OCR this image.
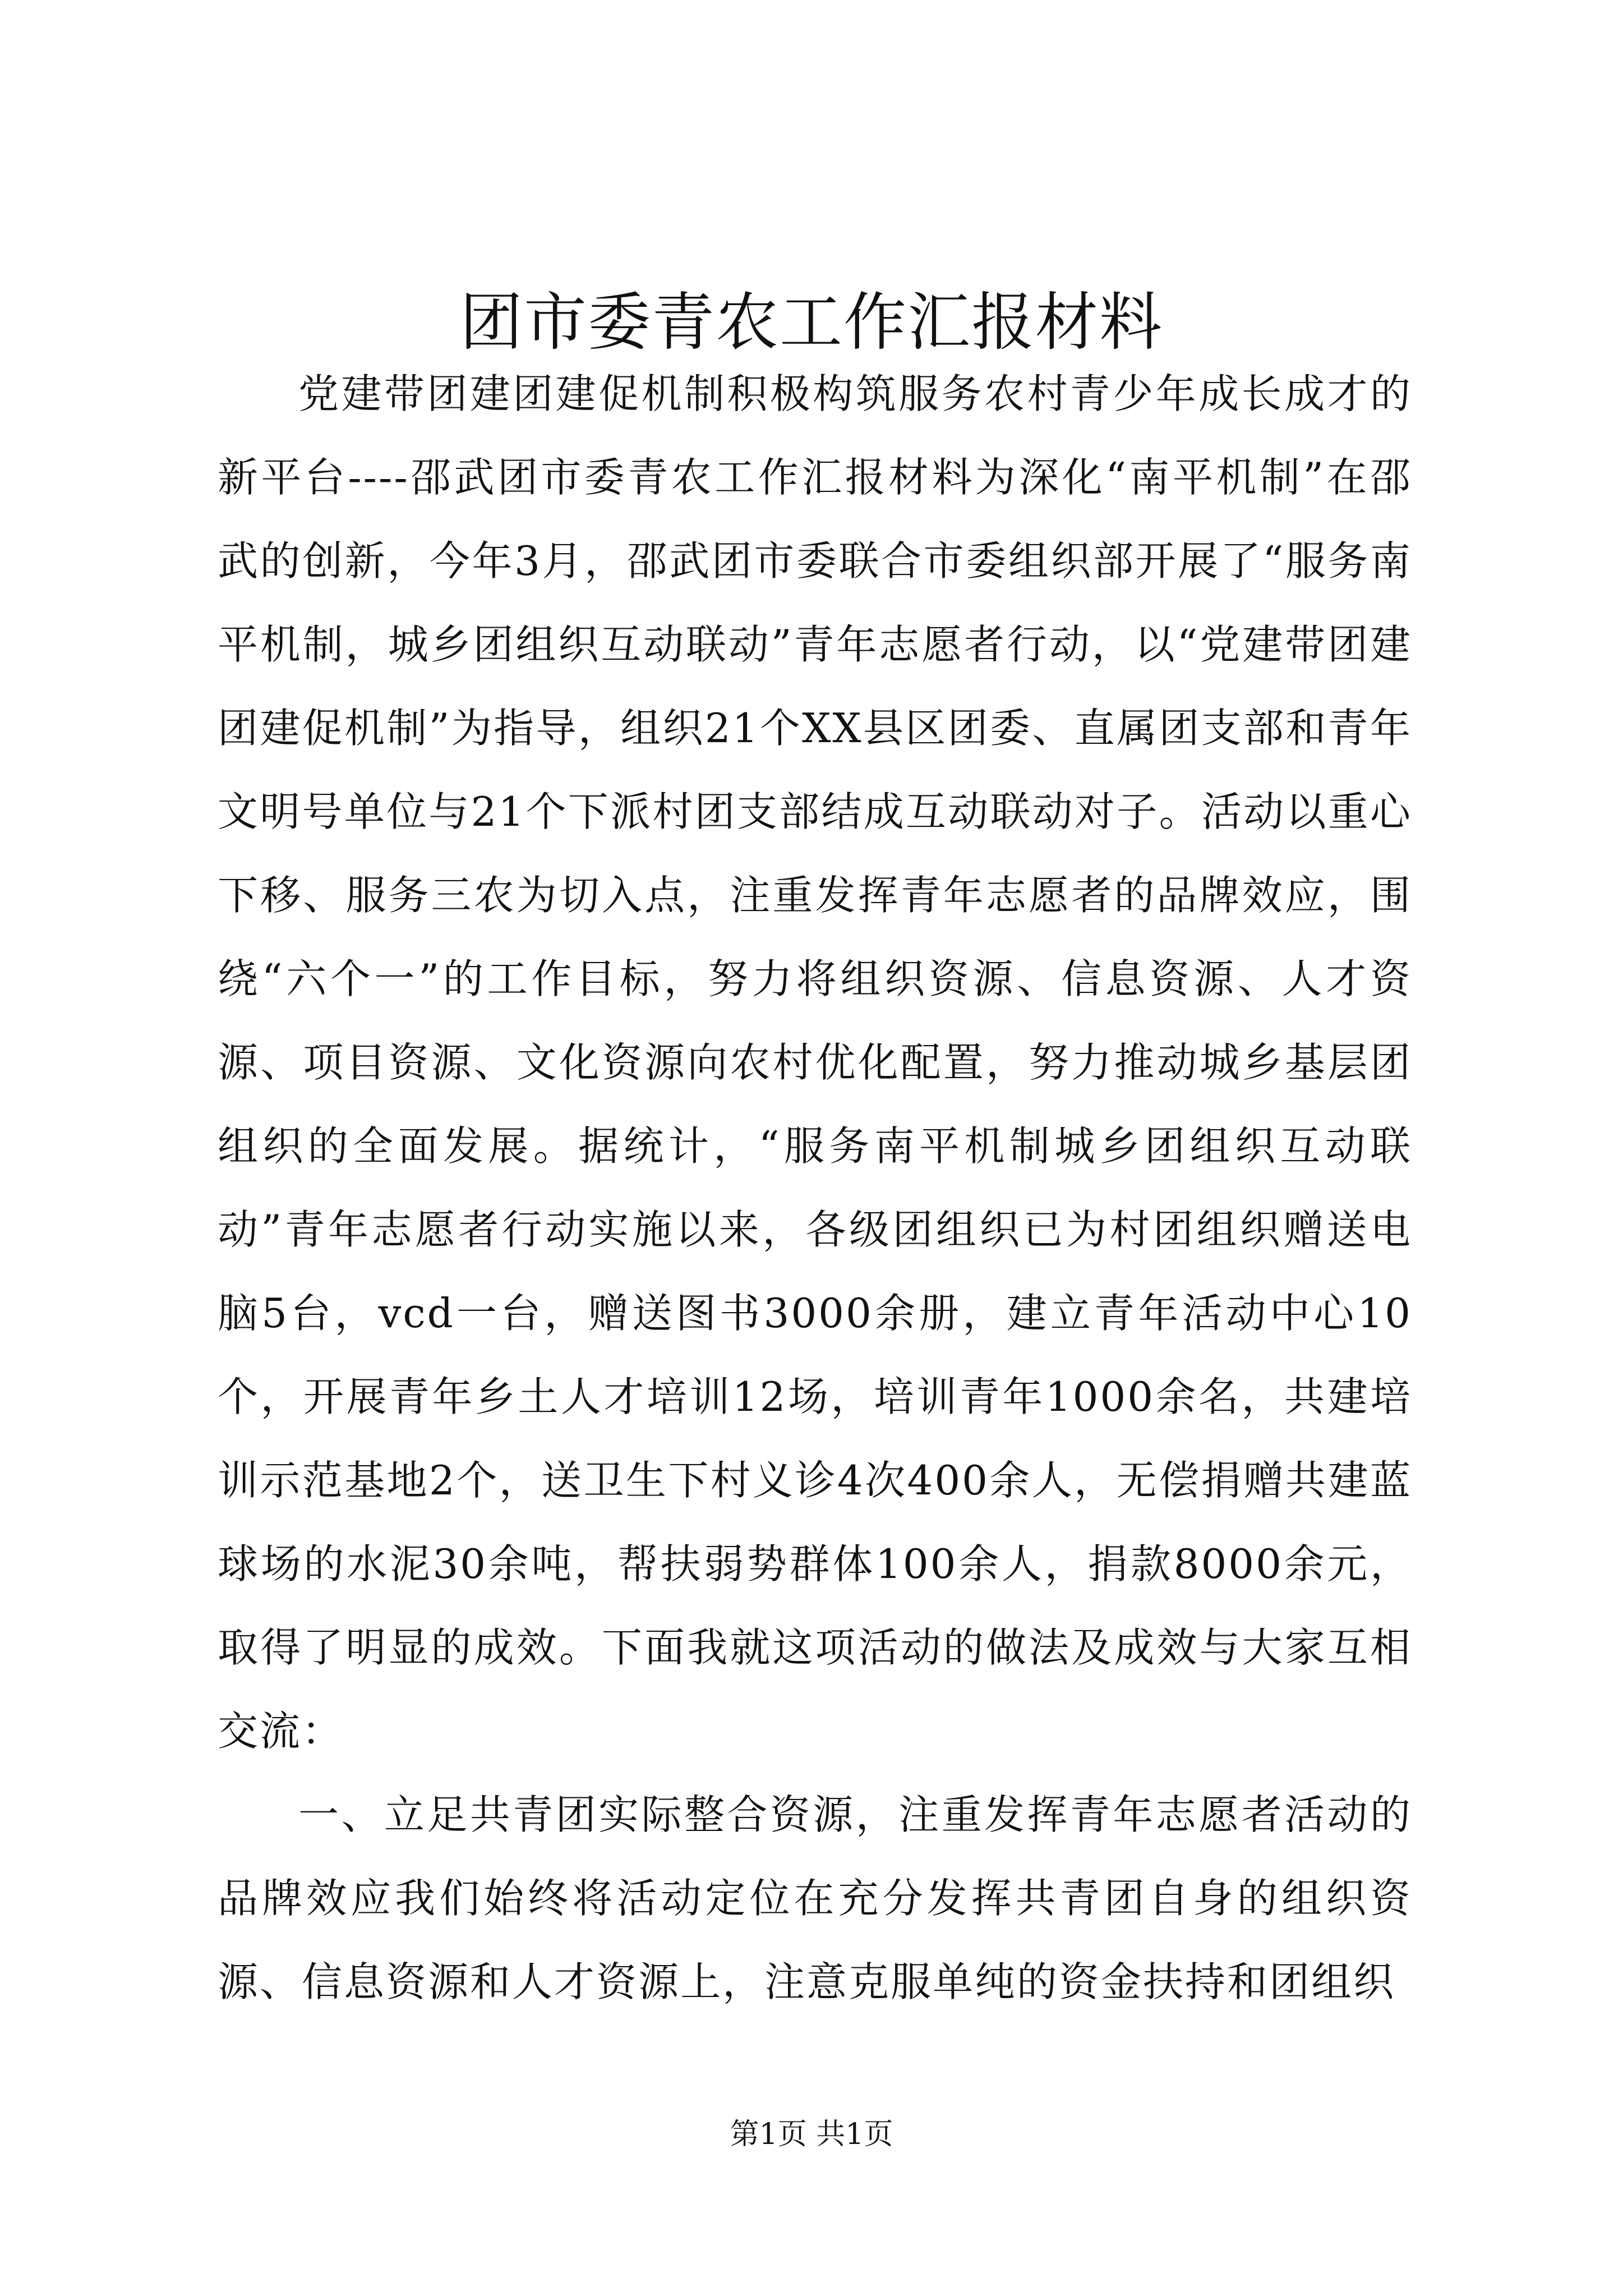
团市委青农工作汇报材料

党建带团建团建促机制积极构筑服务农村青少年成长成才的新平台----邵武团市委青农工作汇报材料为深化“南平机制”在邵武的创新，今年3月，邵武团市委联合市委组织部开展了“服务南平机制，城乡团组织互动联动”青年志愿者行动，以“党建带团建团建促机制”为指导，组织21个XX县区团委、直属团支部和青年文明号单位与21个下派村团支部结成互动联动对子。活动以重心下移、服务三农为切入点，注重发挥青年志愿者的品牌效应，围绕“六个一”的工作目标，努力将组织资源、信息资源、人才资源、项目资源、文化资源向农村优化配置，努力推动城乡基层团组织的全面发展。据统计，“服务南平机制城乡团组织互动联动”青年志愿者行动实施以来，各级团组织已为村团组织赠送电脑5台，vcd一台，赠送图书3000余册，建立青年活动中心10个，开展青年乡土人才培训12场，培训青年1000余名，共建培训示范基地2个，送卫生下村义诊4次400余人，无偿捐赠共建蓝球场的水泥30余吨，帮扶弱势群体100余人，捐款8000余元，取得了明显的成效。下面我就这项活动的做法及成效与大家互相交流：

一、立足共青团实际整合资源，注重发挥青年志愿者活动的品牌效应我们始终将活动定位在充分发挥共青团自身的组织资源、信息资源和人才资源上，注意克服单纯的资金扶持和团组织

第1页 共1页
